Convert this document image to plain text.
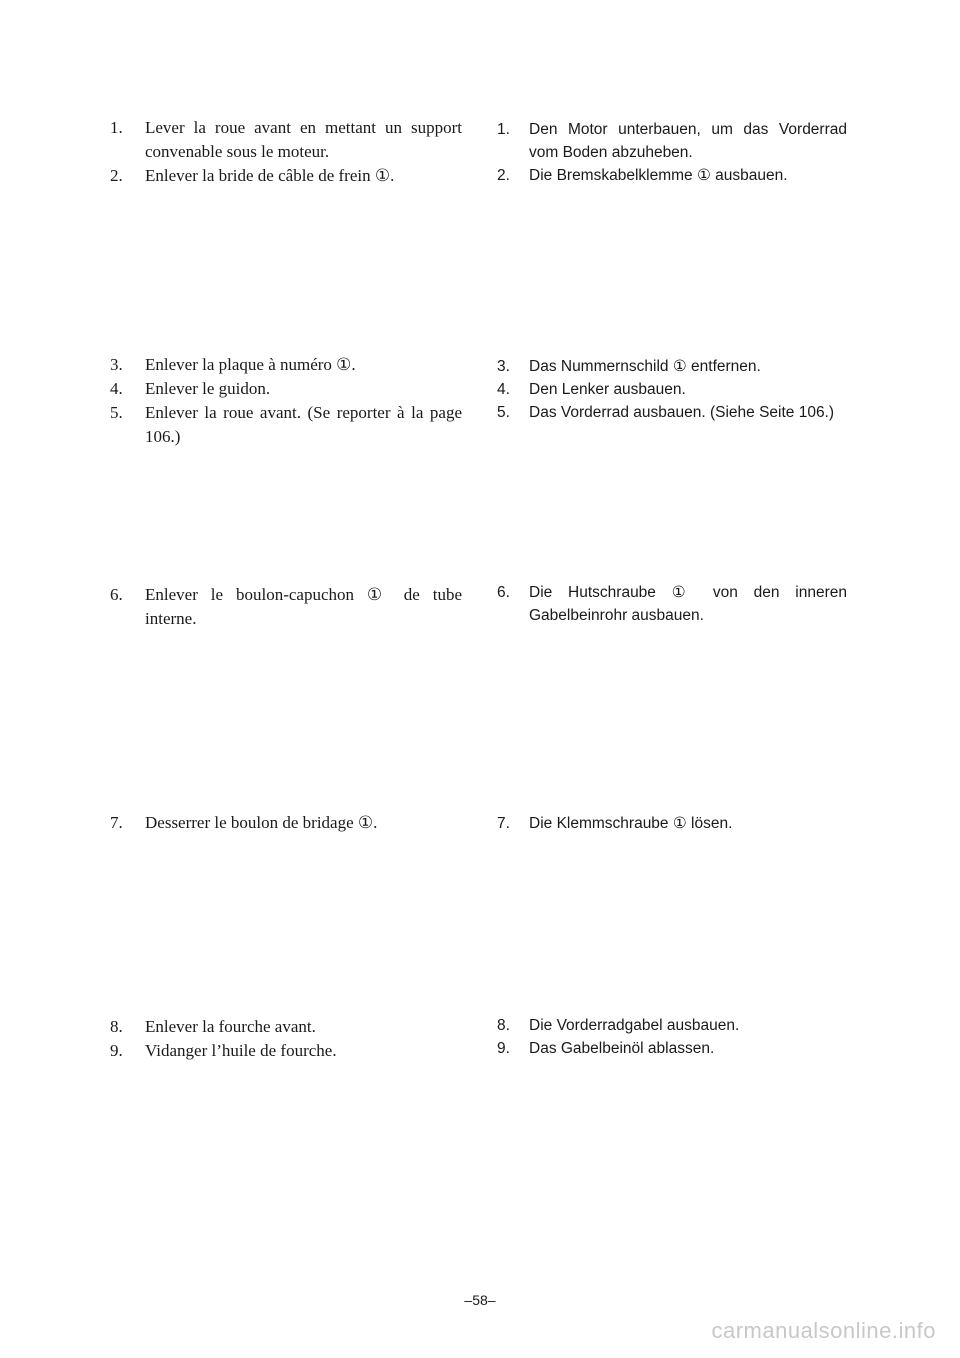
1.	Lever la roue avant en mettant un support convenable sous le moteur.
2.	Enlever la bride de câble de frein ①.
3.	Enlever la plaque à numéro ①.
4.	Enlever le guidon.
5.	Enlever la roue avant. (Se reporter à la page 106.)
6.	Enlever le boulon-capuchon ① de tube interne.
7.	Desserrer le boulon de bridage ①.
8.	Enlever la fourche avant.
9.	Vidanger l’huile de fourche.
1.	Den Motor unterbauen, um das Vorderrad vom Boden abzuheben.
2.	Die Bremskabelklemme ① ausbauen.
3.	Das Nummernschild ① entfernen.
4.	Den Lenker ausbauen.
5.	Das Vorderrad ausbauen. (Siehe Seite 106.)
6.	Die Hutschraube ① von den inneren Gabelbeinrohr ausbauen.
7.	Die Klemmschraube ① lösen.
8.	Die Vorderradgabel ausbauen.
9.	Das Gabelbeinöl ablassen.
–58–
carmanualsonline.info
